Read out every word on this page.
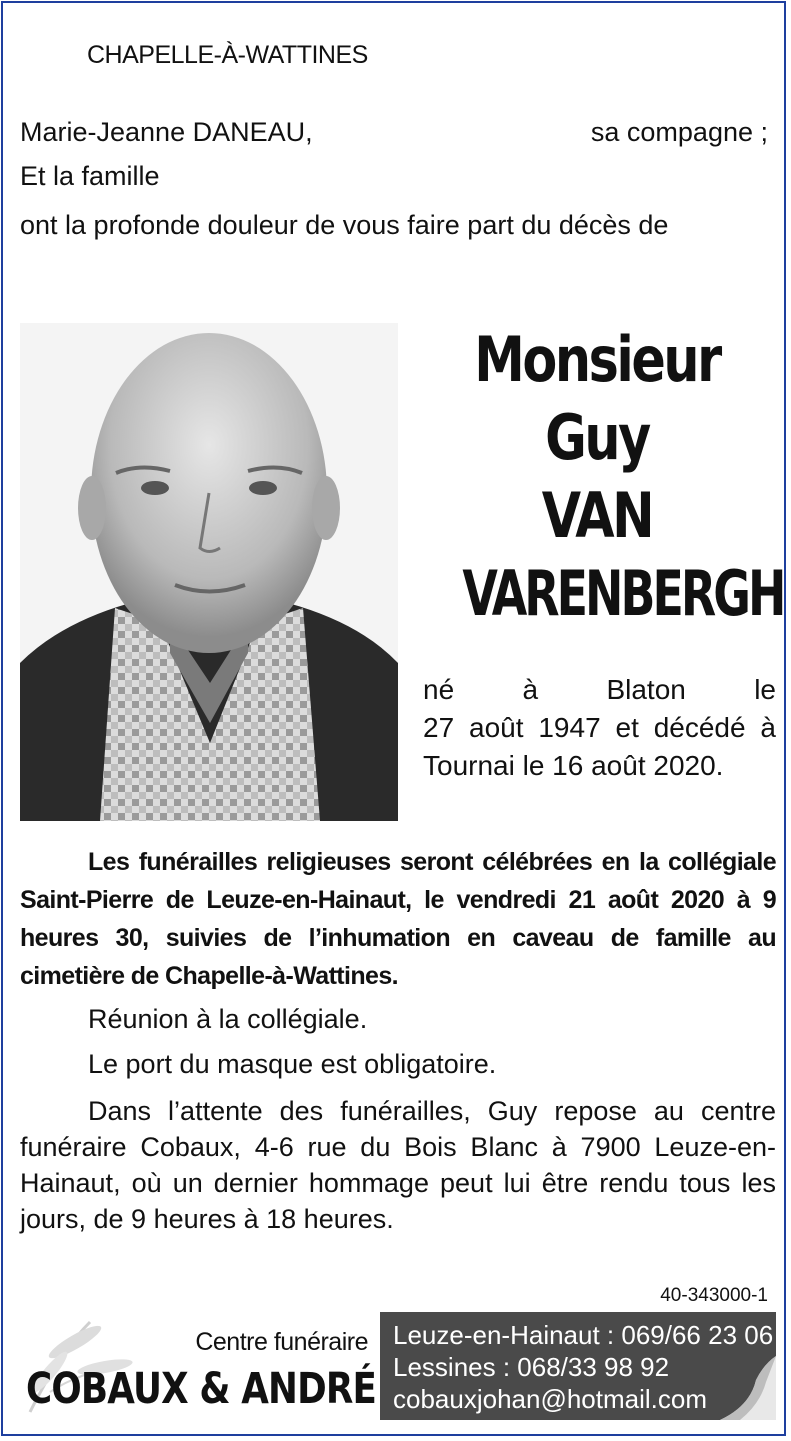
CHAPELLE-À-WATTINES
Marie-Jeanne DANEAU,	sa compagne ;
Et la famille
ont la profonde douleur de vous faire part du décès de
Monsieur
Guy
VAN
VARENBERGH
né à Blaton le
27 août 1947 et décédé à
Tournai le 16 août 2020.
Les funérailles religieuses seront célébrées en la collégiale Saint-Pierre de Leuze-en-Hainaut, le vendredi 21 août 2020 à 9 heures 30, suivies de l’inhumation en caveau de famille au cimetière de Chapelle-à-Wattines.
Réunion à la collégiale.
Le port du masque est obligatoire.
Dans l’attente des funérailles, Guy repose au centre funéraire Cobaux, 4-6 rue du Bois Blanc à 7900 Leuze-en-Hainaut, où un dernier hommage peut lui être rendu tous les jours, de 9 heures à 18 heures.
40-343000-1
Centre funéraire
COBAUX & ANDRÉ
Leuze-en-Hainaut : 069/66 23 06
Lessines : 068/33 98 92
cobauxjohan@hotmail.com
